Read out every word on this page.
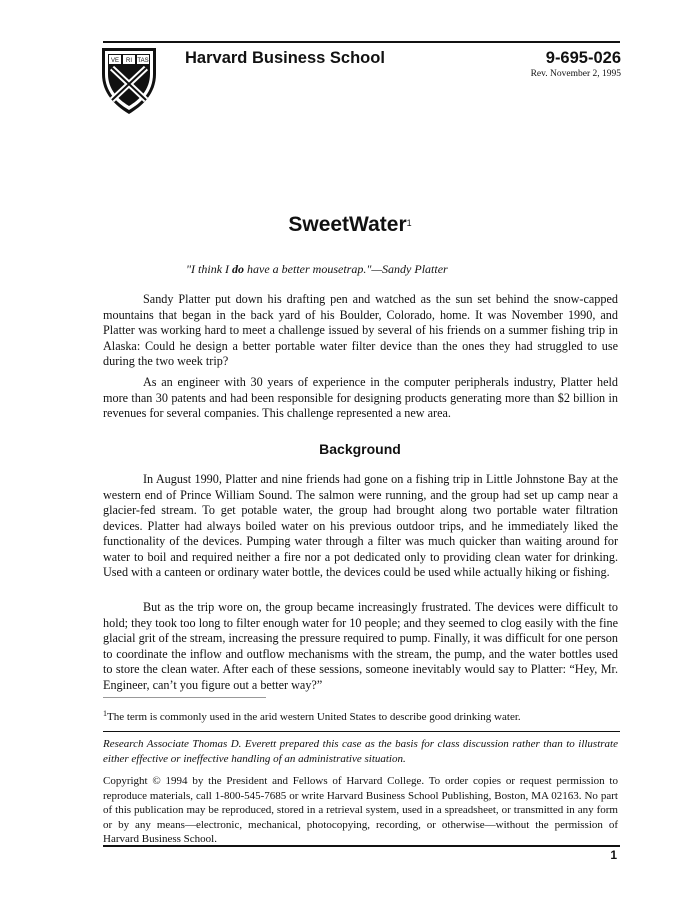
VE RI TAS Harvard Business School	9-695-026
Rev. November 2, 1995
SweetWater$^1$
"I think I do have a better mousetrap."—Sandy Platter

Sandy Platter put down his drafting pen and watched as the sun set behind the snow-capped mountains that began in the back yard of his Boulder, Colorado, home. It was November 1990, and Platter was working hard to meet a challenge issued by several of his friends on a summer fishing trip in Alaska: Could he design a better portable water filter device than the ones they had struggled to use during the two week trip?

As an engineer with 30 years of experience in the computer peripherals industry, Platter held more than 30 patents and had been responsible for designing products generating more than $2 billion in revenues for several companies. This challenge represented a new area.

Background

In August 1990, Platter and nine friends had gone on a fishing trip in Little Johnstone Bay at the western end of Prince William Sound. The salmon were running, and the group had set up camp near a glacier-fed stream. To get potable water, the group had brought along two portable water filtration devices. Platter had always boiled water on his previous outdoor trips, and he immediately liked the functionality of the devices. Pumping water through a filter was much quicker than waiting around for water to boil and required neither a fire nor a pot dedicated only to providing clean water for drinking. Used with a canteen or ordinary water bottle, the devices could be used while actually hiking or fishing.

But as the trip wore on, the group became increasingly frustrated. The devices were difficult to hold; they took too long to filter enough water for 10 people; and they seemed to clog easily with the fine glacial grit of the stream, increasing the pressure required to pump. Finally, it was difficult for one person to coordinate the inflow and outflow mechanisms with the stream, the pump, and the water bottles used to store the clean water. After each of these sessions, someone inevitably would say to Platter: “Hey, Mr. Engineer, can’t you figure out a better way?”

$^1$The term is commonly used in the arid western United States to describe good drinking water.

Research Associate Thomas D. Everett prepared this case as the basis for class discussion rather than to illustrate either effective or ineffective handling of an administrative situation.

Copyright © 1994 by the President and Fellows of Harvard College. To order copies or request permission to reproduce materials, call 1-800-545-7685 or write Harvard Business School Publishing, Boston, MA 02163. No part of this publication may be reproduced, stored in a retrieval system, used in a spreadsheet, or transmitted in any form or by any means—electronic, mechanical, photocopying, recording, or otherwise—without the permission of Harvard Business School.

1
